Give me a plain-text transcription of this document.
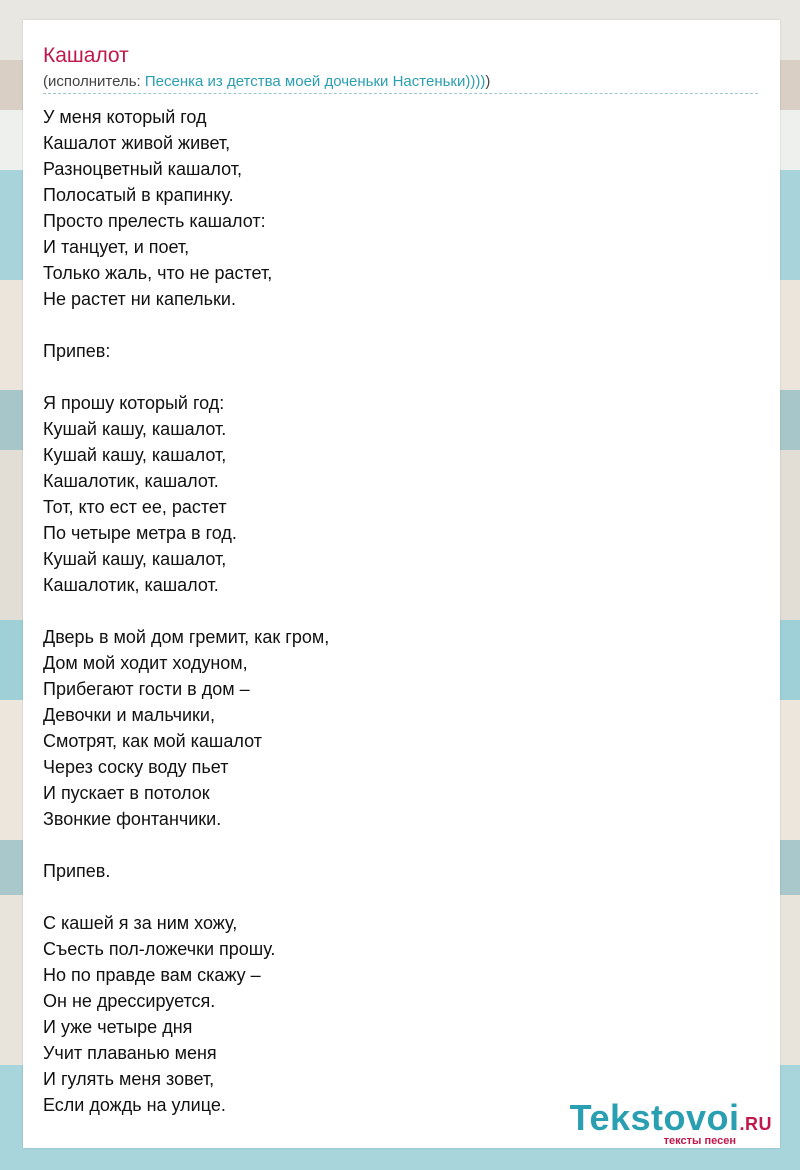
Кашалот
(исполнитель: Песенка из детства моей доченьки Настеньки)))))

У меня который год
Кашалот живой живет,
Разноцветный кашалот,
Полосатый в крапинку.
Просто прелесть кашалот:
И танцует, и поет,
Только жаль, что не растет,
Не растет ни капельки.

Припев:

Я прошу который год:
Кушай кашу, кашалот.
Кушай кашу, кашалот,
Кашалотик, кашалот.
Тот, кто ест ее, растет
По четыре метра в год.
Кушай кашу, кашалот,
Кашалотик, кашалот.

Дверь в мой дом гремит, как гром,
Дом мой ходит ходуном,
Прибегают гости в дом –
Девочки и мальчики,
Смотрят, как мой кашалот
Через соску воду пьет
И пускает в потолок
Звонкие фонтанчики.

Припев.

С кашей я за ним хожу,
Съесть пол-ложечки прошу.
Но по правде вам скажу –
Он не дрессируется.
И уже четыре дня
Учит плаванью меня
И гулять меня зовет,
Если дождь на улице.	Tekstovoi.RU
тексты песен
